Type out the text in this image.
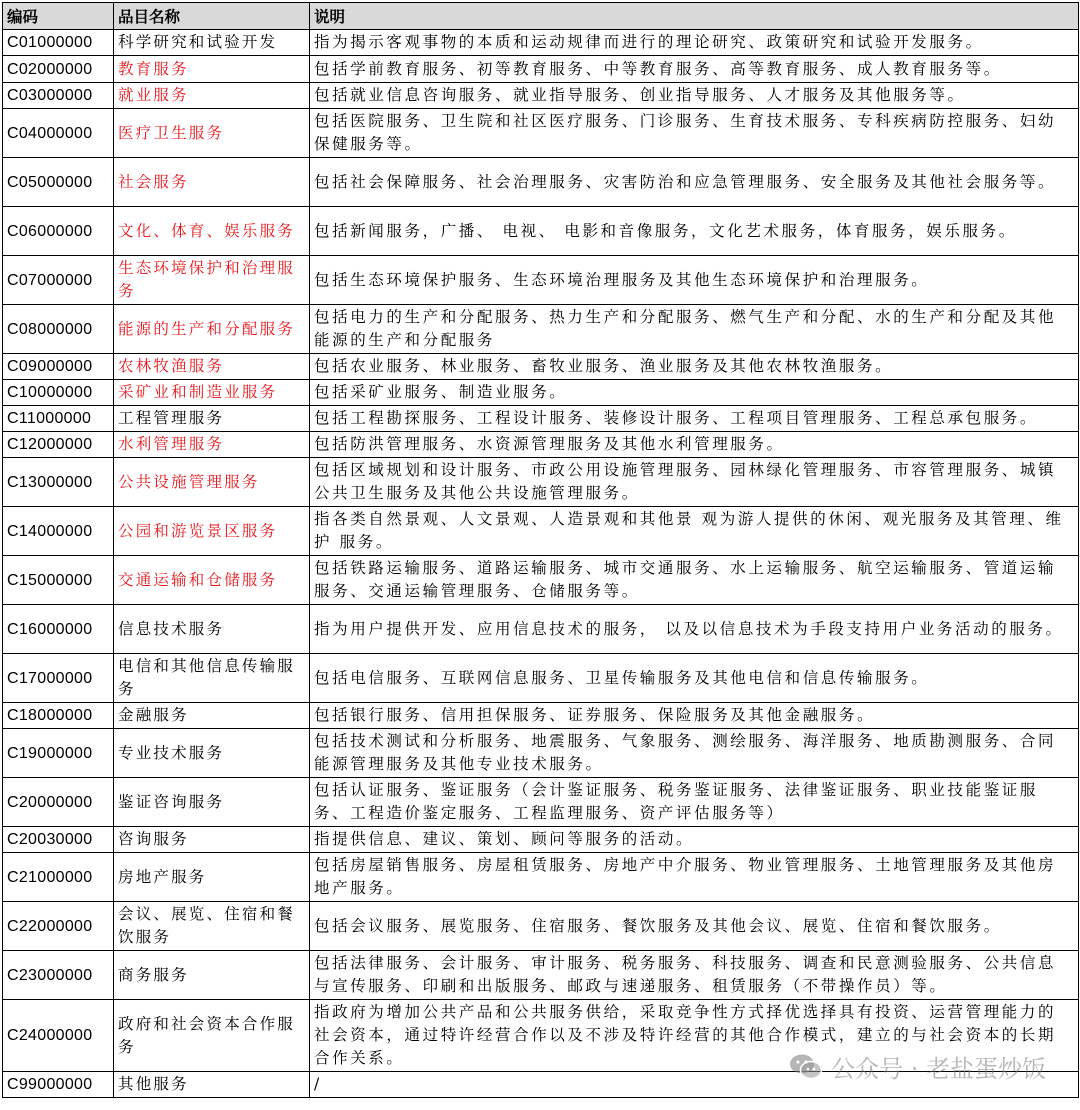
编码	品目名称	说明
C01000000	科学研究和试验开发	指为揭示客观事物的本质和运动规律而进行的理论研究、政策研究和试验开发服务。
C02000000	教育服务	包括学前教育服务、初等教育服务、中等教育服务、高等教育服务、成人教育服务等。
C03000000	就业服务	包括就业信息咨询服务、就业指导服务、创业指导服务、人才服务及其他服务等。
C04000000	医疗卫生服务	包括医院服务、卫生院和社区医疗服务、门诊服务、生育技术服务、专科疾病防控服务、妇幼保健服务等。
C05000000	社会服务	包括社会保障服务、社会治理服务、灾害防治和应急管理服务、安全服务及其他社会服务等。
C06000000	文化、体育、娱乐服务	包括新闻服务，广播、 电视、 电影和音像服务，文化艺术服务，体育服务，娱乐服务。
C07000000	生态环境保护和治理服务	包括生态环境保护服务、生态环境治理服务及其他生态环境保护和治理服务。
C08000000	能源的生产和分配服务	包括电力的生产和分配服务、热力生产和分配服务、燃气生产和分配、水的生产和分配及其他能源的生产和分配服务
C09000000	农林牧渔服务	包括农业服务、林业服务、畜牧业服务、渔业服务及其他农林牧渔服务。
C10000000	采矿业和制造业服务	包括采矿业服务、制造业服务。
C11000000	工程管理服务	包括工程勘探服务、工程设计服务、装修设计服务、工程项目管理服务、工程总承包服务。
C12000000	水利管理服务	包括防洪管理服务、水资源管理服务及其他水利管理服务。
C13000000	公共设施管理服务	包括区域规划和设计服务、市政公用设施管理服务、园林绿化管理服务、市容管理服务、城镇公共卫生服务及其他公共设施管理服务。
C14000000	公园和游览景区服务	指各类自然景观、人文景观、人造景观和其他景 观为游人提供的休闲、观光服务及其管理、维护 服务。
C15000000	交通运输和仓储服务	包括铁路运输服务、道路运输服务、城市交通服务、水上运输服务、航空运输服务、管道运输服务、交通运输管理服务、仓储服务等。
C16000000	信息技术服务	指为用户提供开发、应用信息技术的服务， 以及以信息技术为手段支持用户业务活动的服务。
C17000000	电信和其他信息传输服务	包括电信服务、互联网信息服务、卫星传输服务及其他电信和信息传输服务。
C18000000	金融服务	包括银行服务、信用担保服务、证券服务、保险服务及其他金融服务。
C19000000	专业技术服务	包括技术测试和分析服务、地震服务、气象服务、测绘服务、海洋服务、地质勘测服务、合同能源管理服务及其他专业技术服务。
C20000000	鉴证咨询服务	包括认证服务、鉴证服务（会计鉴证服务、税务鉴证服务、法律鉴证服务、职业技能鉴证服务、工程造价鉴定服务、工程监理服务、资产评估服务等）
C20030000	咨询服务	指提供信息、建议、策划、顾问等服务的活动。
C21000000	房地产服务	包括房屋销售服务、房屋租赁服务、房地产中介服务、物业管理服务、土地管理服务及其他房地产服务。
C22000000	会议、展览、住宿和餐饮服务	包括会议服务、展览服务、住宿服务、餐饮服务及其他会议、展览、住宿和餐饮服务。
C23000000	商务服务	包括法律服务、会计服务、审计服务、税务服务、科技服务、调查和民意测验服务、公共信息与宣传服务、印刷和出版服务、邮政与速递服务、租赁服务（不带操作员）等。
C24000000	政府和社会资本合作服务	指政府为增加公共产品和公共服务供给，采取竞争性方式择优选择具有投资、运营管理能力的社会资本，通过特许经营合作以及不涉及特许经营的其他合作模式，建立的与社会资本的长期合作关系。
C99000000	其他服务	/
公众号 · 老盐蛋炒饭
